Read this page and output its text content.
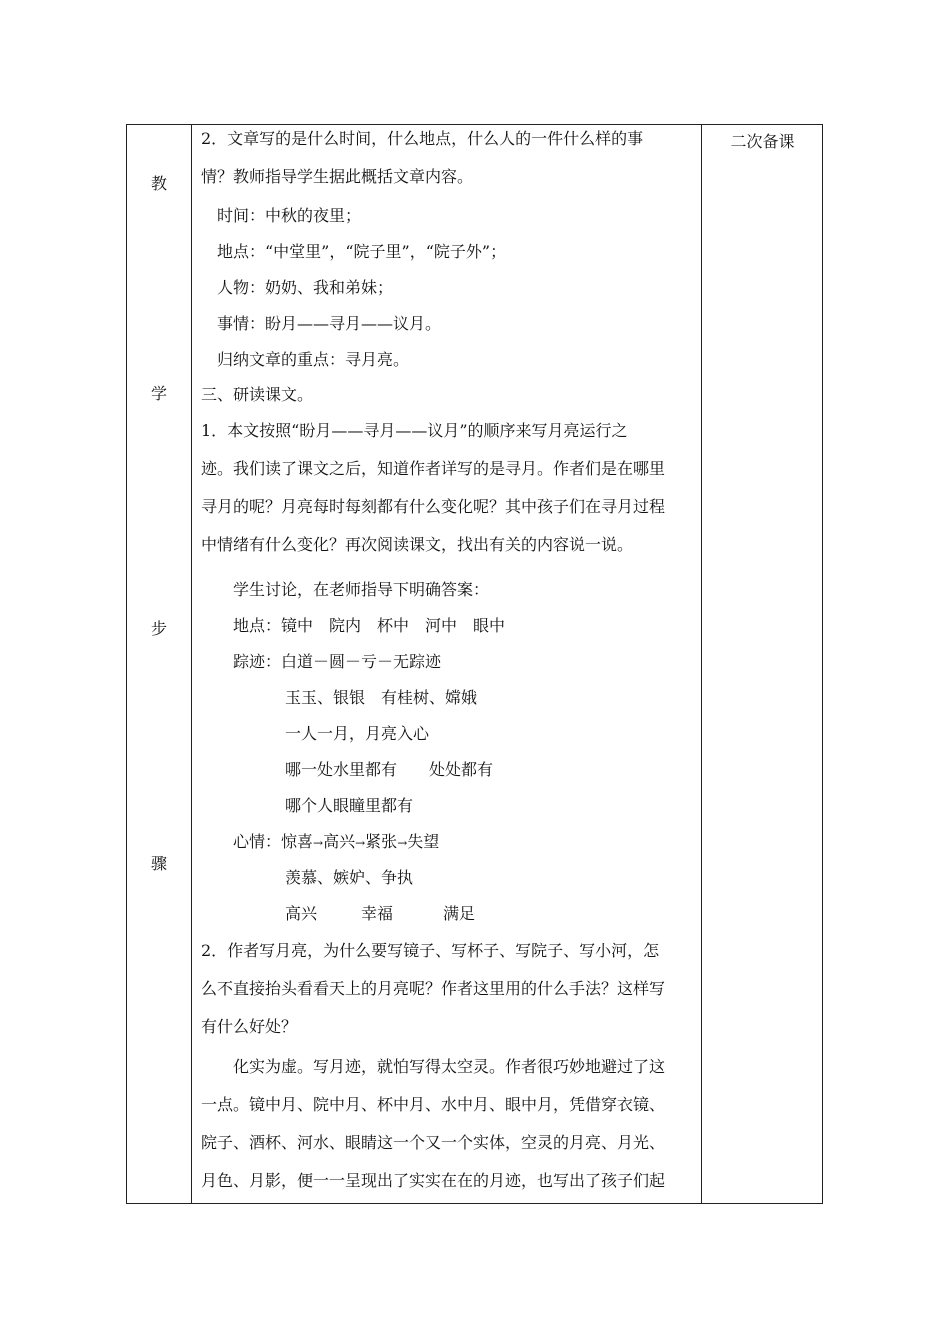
教
学
步
骤
2．文章写的是什么时间，什么地点，什么人的一件什么样的事
情？教师指导学生据此概括文章内容。
时间：中秋的夜里；
地点：“中堂里”，“院子里”，“院子外”；
人物：奶奶、我和弟妹；
事情：盼月——寻月——议月。
归纳文章的重点：寻月亮。
三、研读课文。
1．本文按照“盼月——寻月——议月”的顺序来写月亮运行之
迹。我们读了课文之后，知道作者详写的是寻月。作者们是在哪里
寻月的呢？月亮每时每刻都有什么变化呢？其中孩子们在寻月过程
中情绪有什么变化？再次阅读课文，找出有关的内容说一说。
学生讨论，在老师指导下明确答案：
地点：镜中　院内　杯中　河中　眼中
踪迹：白道－圆－亏－无踪迹
玉玉、银银　有桂树、嫦娥
一人一月，月亮入心
哪一处水里都有　　处处都有
哪个人眼瞳里都有
心情：惊喜→高兴→紧张→失望
羡慕、嫉妒、争执
高兴	幸福	满足
2．作者写月亮，为什么要写镜子、写杯子、写院子、写小河，怎
么不直接抬头看看天上的月亮呢？作者这里用的什么手法？这样写
有什么好处？
化实为虚。写月迹，就怕写得太空灵。作者很巧妙地避过了这
一点。镜中月、院中月、杯中月、水中月、眼中月，凭借穿衣镜、
院子、酒杯、河水、眼睛这一个又一个实体，空灵的月亮、月光、
月色、月影，便一一呈现出了实实在在的月迹，也写出了孩子们起
二次备课
